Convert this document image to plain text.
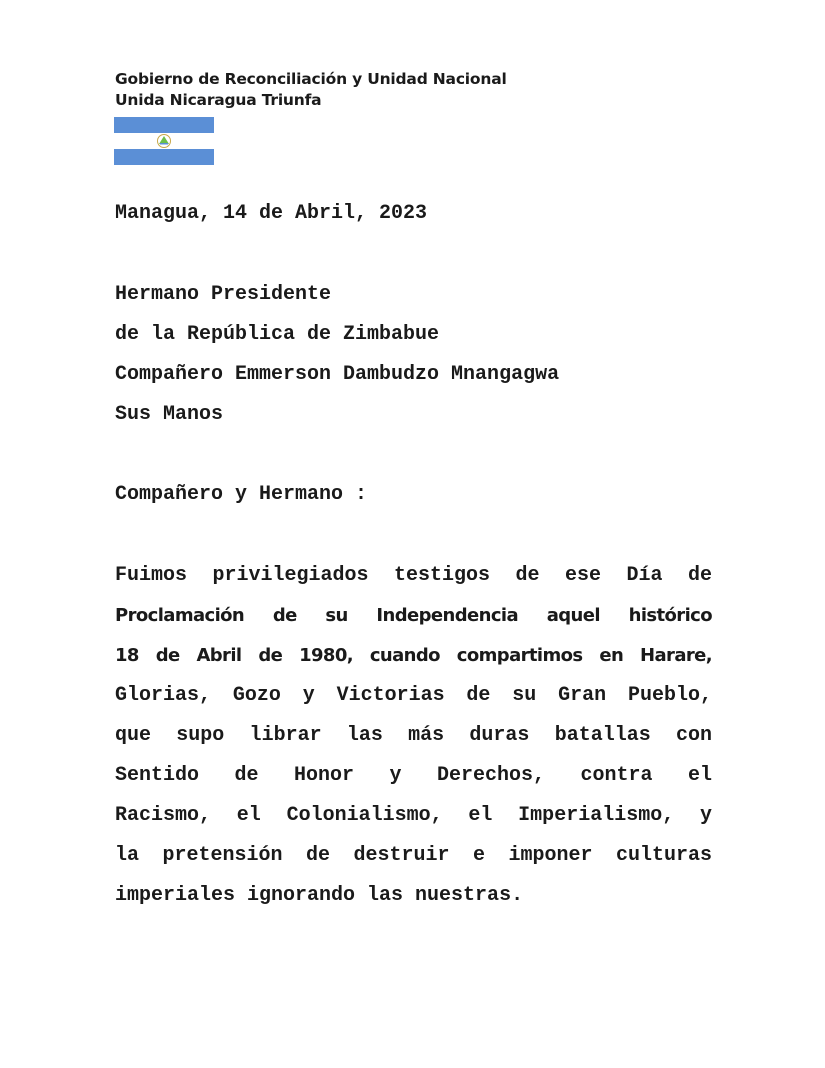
Gobierno de Reconciliación y Unidad Nacional
Unida Nicaragua Triunfa
Managua, 14 de Abril, 2023
Hermano Presidente
de la República de Zimbabue
Compañero Emmerson Dambudzo Mnangagwa
Sus Manos
Compañero y Hermano :
Fuimos privilegiados testigos de ese Día de
Proclamación de su Independencia aquel histórico
18 de Abril de 1980, cuando compartimos en Harare,
Glorias, Gozo y Victorias de su Gran Pueblo,
que supo librar las más duras batallas con
Sentido de Honor y Derechos, contra el
Racismo, el Colonialismo, el Imperialismo, y
la pretensión de destruir e imponer culturas
imperiales ignorando las nuestras.
